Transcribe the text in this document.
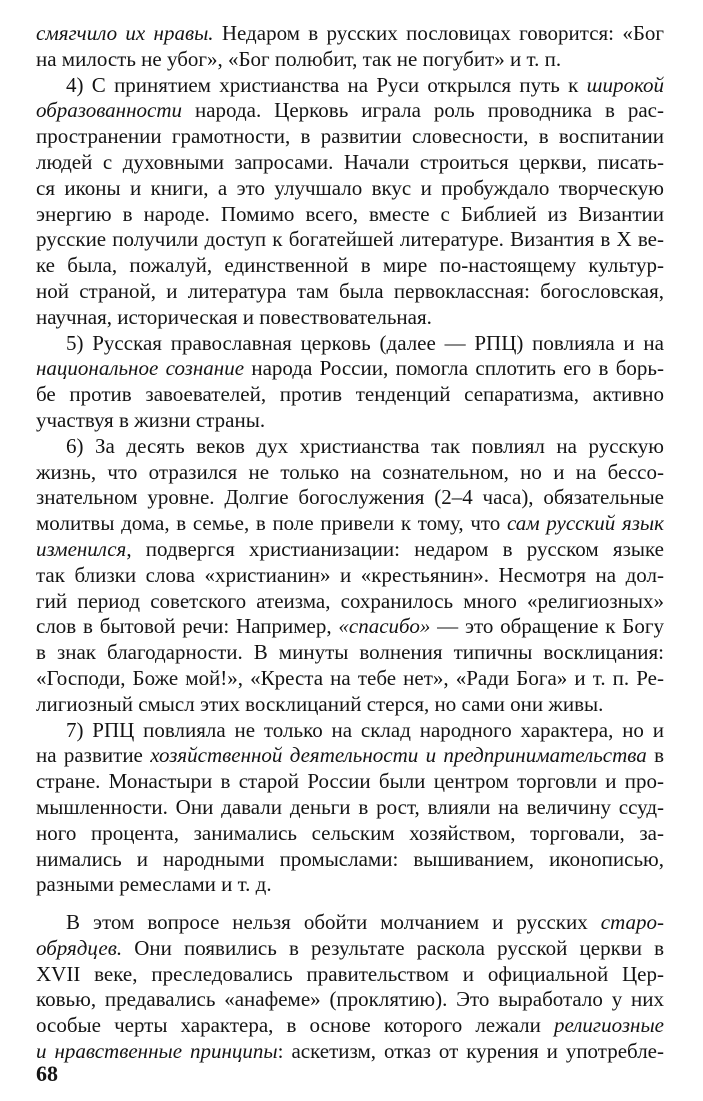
смягчило их нравы. Недаром в русских пословицах говорится: «Бог
на милость не убог», «Бог полюбит, так не погубит» и т. п.
4) С принятием христианства на Руси открылся путь к широкой
образованности народа. Церковь играла роль проводника в рас-
пространении грамотности, в развитии словесности, в воспитании
людей с духовными запросами. Начали строиться церкви, писать-
ся иконы и книги, а это улучшало вкус и пробуждало творческую
энергию в народе. Помимо всего, вместе с Библией из Византии
русские получили доступ к богатейшей литературе. Византия в X ве-
ке была, пожалуй, единственной в мире по-настоящему культур-
ной страной, и литература там была первоклассная: богословская,
научная, историческая и повествовательная.
5) Русская православная церковь (далее — РПЦ) повлияла и на
национальное сознание народа России, помогла сплотить его в борь-
бе против завоевателей, против тенденций сепаратизма, активно
участвуя в жизни страны.
6) За десять веков дух христианства так повлиял на русскую
жизнь, что отразился не только на сознательном, но и на бессо-
знательном уровне. Долгие богослужения (2–4 часа), обязательные
молитвы дома, в семье, в поле привели к тому, что сам русский язык
изменился, подвергся христианизации: недаром в русском языке
так близки слова «христианин» и «крестьянин». Несмотря на дол-
гий период советского атеизма, сохранилось много «религиозных»
слов в бытовой речи: Например, «спасибо» — это обращение к Богу
в знак благодарности. В минуты волнения типичны восклицания:
«Господи, Боже мой!», «Креста на тебе нет», «Ради Бога» и т. п. Ре-
лигиозный смысл этих восклицаний стерся, но сами они живы.
7) РПЦ повлияла не только на склад народного характера, но и
на развитие хозяйственной деятельности и предпринимательства в
стране. Монастыри в старой России были центром торговли и про-
мышленности. Они давали деньги в рост, влияли на величину ссуд-
ного процента, занимались сельским хозяйством, торговали, за-
нимались и народными промыслами: вышиванием, иконописью,
разными ремеслами и т. д.
В этом вопросе нельзя обойти молчанием и русских старо-
обрядцев. Они появились в результате раскола русской церкви в
XVII веке, преследовались правительством и официальной Цер-
ковью, предавались «анафеме» (проклятию). Это выработало у них
особые черты характера, в основе которого лежали религиозные
и нравственные принципы: аскетизм, отказ от курения и употребле-
68
